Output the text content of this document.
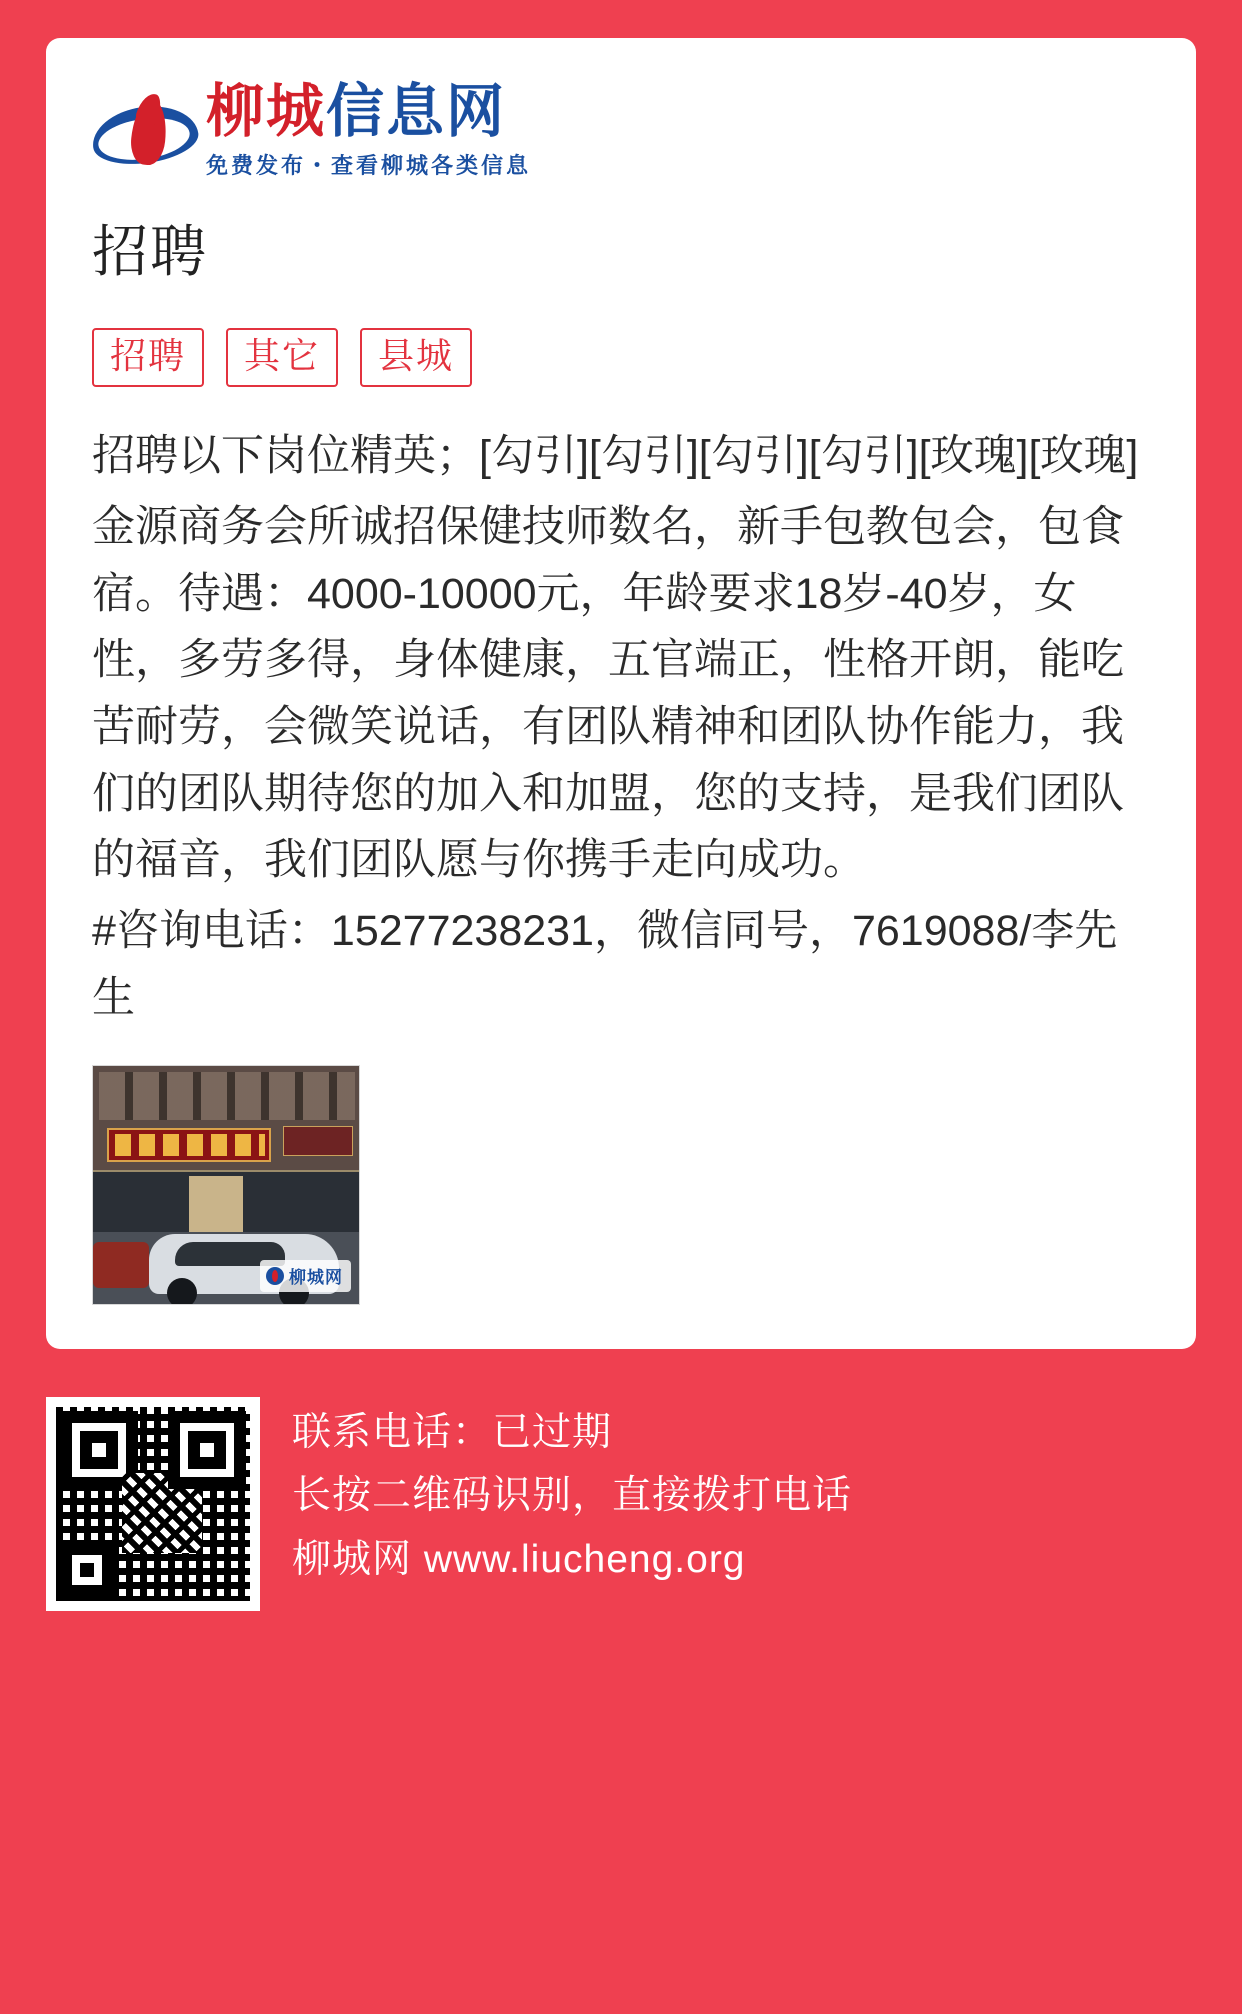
柳城信息网
免费发布・查看柳城各类信息
招聘
招聘	其它	县城

招聘以下岗位精英；[勾引][勾引][勾引][勾引][玫瑰][玫瑰]

金源商务会所诚招保健技师数名，新手包教包会，包食宿。待遇：4000-10000元，年龄要求18岁-40岁，女性，多劳多得，身体健康，五官端正，性格开朗，能吃苦耐劳，会微笑说话，有团队精神和团队协作能力，我们的团队期待您的加入和加盟，您的支持，是我们团队的福音，我们团队愿与你携手走向成功。

#咨询电话：15277238231，微信同号，7619088/李先生

柳城网
联系电话：已过期
长按二维码识别，直接拨打电话
柳城网 www.liucheng.org
